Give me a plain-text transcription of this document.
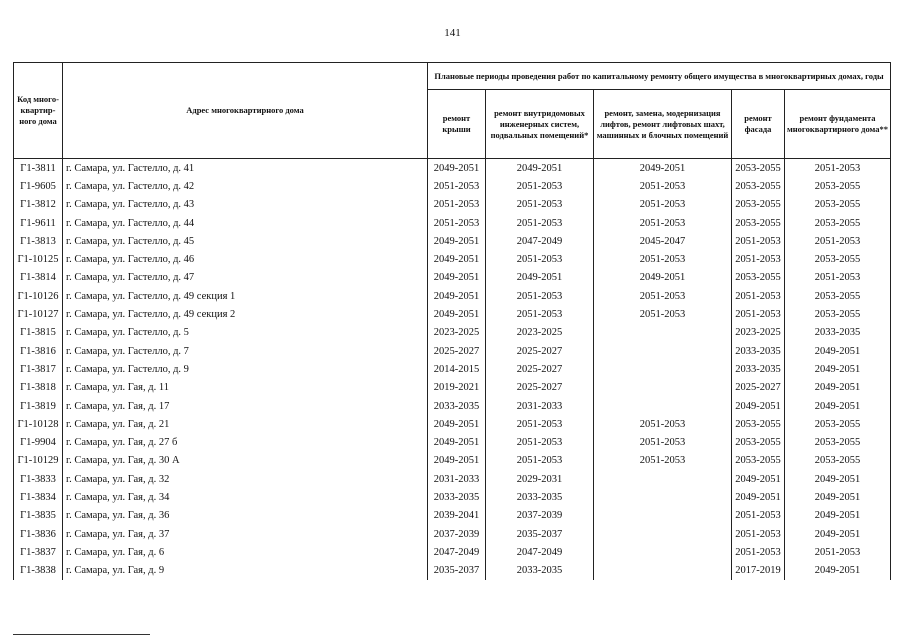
141
Код много-квартир-ного дома	Адрес многоквартирного дома	Плановые периоды проведения работ по капитальному ремонту общего имущества в многоквартирных домах, годы				
		ремонт крыши	ремонт внутридомовых инженерных систем, подвальных помещений*	ремонт, замена, модернизация лифтов, ремонт лифтовых шахт, машинных и блочных помещений	ремонт фасада	ремонт фундамента многоквартирного дома**
Г1-3811	г. Самара, ул. Гастелло, д. 41	2049-2051	2049-2051	2049-2051	2053-2055	2051-2053
Г1-9605	г. Самара, ул. Гастелло, д. 42	2051-2053	2051-2053	2051-2053	2053-2055	2053-2055
Г1-3812	г. Самара, ул. Гастелло, д. 43	2051-2053	2051-2053	2051-2053	2053-2055	2053-2055
Г1-9611	г. Самара, ул. Гастелло, д. 44	2051-2053	2051-2053	2051-2053	2053-2055	2053-2055
Г1-3813	г. Самара, ул. Гастелло, д. 45	2049-2051	2047-2049	2045-2047	2051-2053	2051-2053
Г1-10125	г. Самара, ул. Гастелло, д. 46	2049-2051	2051-2053	2051-2053	2051-2053	2053-2055
Г1-3814	г. Самара, ул. Гастелло, д. 47	2049-2051	2049-2051	2049-2051	2053-2055	2051-2053
Г1-10126	г. Самара, ул. Гастелло, д. 49 секция 1	2049-2051	2051-2053	2051-2053	2051-2053	2053-2055
Г1-10127	г. Самара, ул. Гастелло, д. 49 секция 2	2049-2051	2051-2053	2051-2053	2051-2053	2053-2055
Г1-3815	г. Самара, ул. Гастелло, д. 5	2023-2025	2023-2025		2023-2025	2033-2035
Г1-3816	г. Самара, ул. Гастелло, д. 7	2025-2027	2025-2027		2033-2035	2049-2051
Г1-3817	г. Самара, ул. Гастелло, д. 9	2014-2015	2025-2027		2033-2035	2049-2051
Г1-3818	г. Самара, ул. Гая, д. 11	2019-2021	2025-2027		2025-2027	2049-2051
Г1-3819	г. Самара, ул. Гая, д. 17	2033-2035	2031-2033		2049-2051	2049-2051
Г1-10128	г. Самара, ул. Гая, д. 21	2049-2051	2051-2053	2051-2053	2053-2055	2053-2055
Г1-9904	г. Самара, ул. Гая, д. 27 б	2049-2051	2051-2053	2051-2053	2053-2055	2053-2055
Г1-10129	г. Самара, ул. Гая, д. 30 А	2049-2051	2051-2053	2051-2053	2053-2055	2053-2055
Г1-3833	г. Самара, ул. Гая, д. 32	2031-2033	2029-2031		2049-2051	2049-2051
Г1-3834	г. Самара, ул. Гая, д. 34	2033-2035	2033-2035		2049-2051	2049-2051
Г1-3835	г. Самара, ул. Гая, д. 36	2039-2041	2037-2039		2051-2053	2049-2051
Г1-3836	г. Самара, ул. Гая, д. 37	2037-2039	2035-2037		2051-2053	2049-2051
Г1-3837	г. Самара, ул. Гая, д. 6	2047-2049	2047-2049		2051-2053	2051-2053
Г1-3838	г. Самара, ул. Гая, д. 9	2035-2037	2033-2035		2017-2019	2049-2051
